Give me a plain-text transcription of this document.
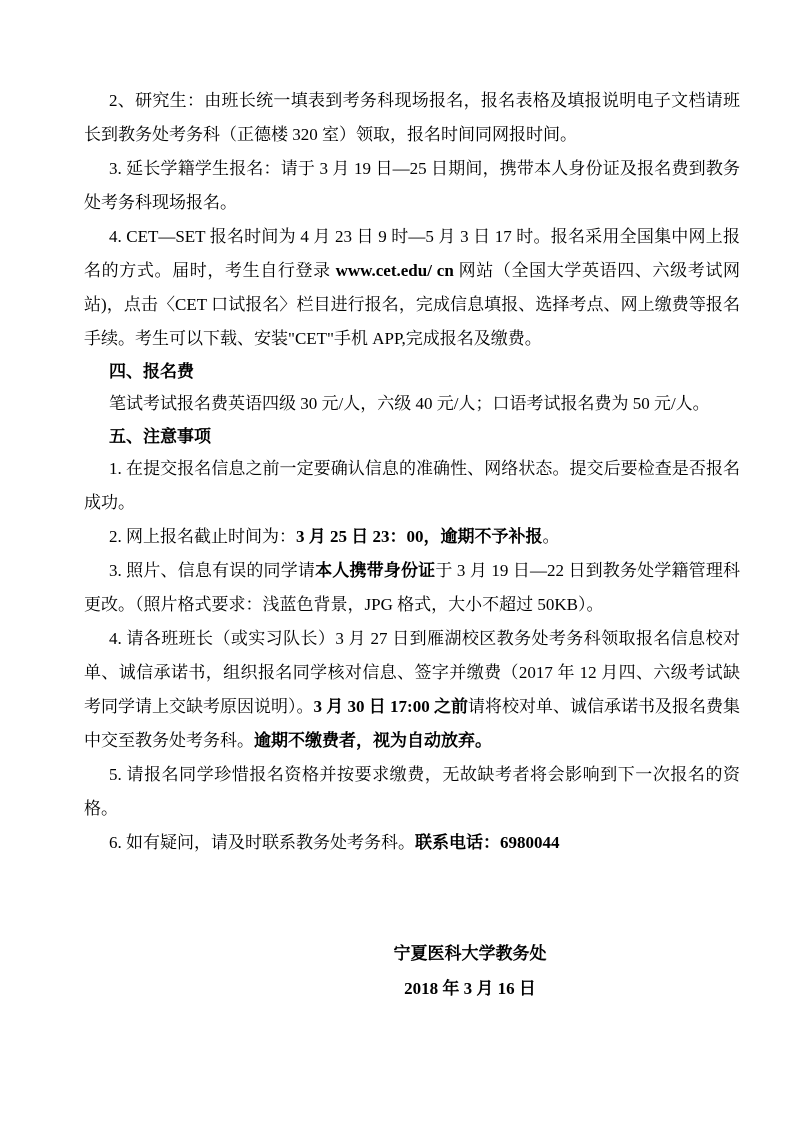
2、研究生：由班长统一填表到考务科现场报名，报名表格及填报说明电子文档请班长到教务处考务科（正德楼 320 室）领取，报名时间同网报时间。

3. 延长学籍学生报名：请于 3 月 19 日—25 日期间，携带本人身份证及报名费到教务处考务科现场报名。

4. CET—SET 报名时间为 4 月 23 日 9 时—5 月 3 日 17 时。报名采用全国集中网上报名的方式。届时，考生自行登录 www.cet.edu/ cn 网站（全国大学英语四、六级考试网站)，点击〈CET 口试报名〉栏目进行报名，完成信息填报、选择考点、网上缴费等报名手续。考生可以下载、安装"CET"手机 APP,完成报名及缴费。

四、报名费

笔试考试报名费英语四级 30 元/人，六级 40 元/人；口语考试报名费为 50 元/人。

五、注意事项

1. 在提交报名信息之前一定要确认信息的准确性、网络状态。提交后要检查是否报名成功。

2. 网上报名截止时间为：3 月 25 日 23：00，逾期不予补报。

3. 照片、信息有误的同学请本人携带身份证于 3 月 19 日—22 日到教务处学籍管理科更改。（照片格式要求：浅蓝色背景，JPG 格式，大小不超过 50KB）。

4. 请各班班长（或实习队长）3 月 27 日到雁湖校区教务处考务科领取报名信息校对单、诚信承诺书，组织报名同学核对信息、签字并缴费（2017 年 12 月四、六级考试缺考同学请上交缺考原因说明）。3 月 30 日 17:00 之前请将校对单、诚信承诺书及报名费集中交至教务处考务科。逾期不缴费者，视为自动放弃。

5. 请报名同学珍惜报名资格并按要求缴费，无故缺考者将会影响到下一次报名的资格。

6. 如有疑问，请及时联系教务处考务科。联系电话：6980044

宁夏医科大学教务处

2018 年 3 月 16 日
